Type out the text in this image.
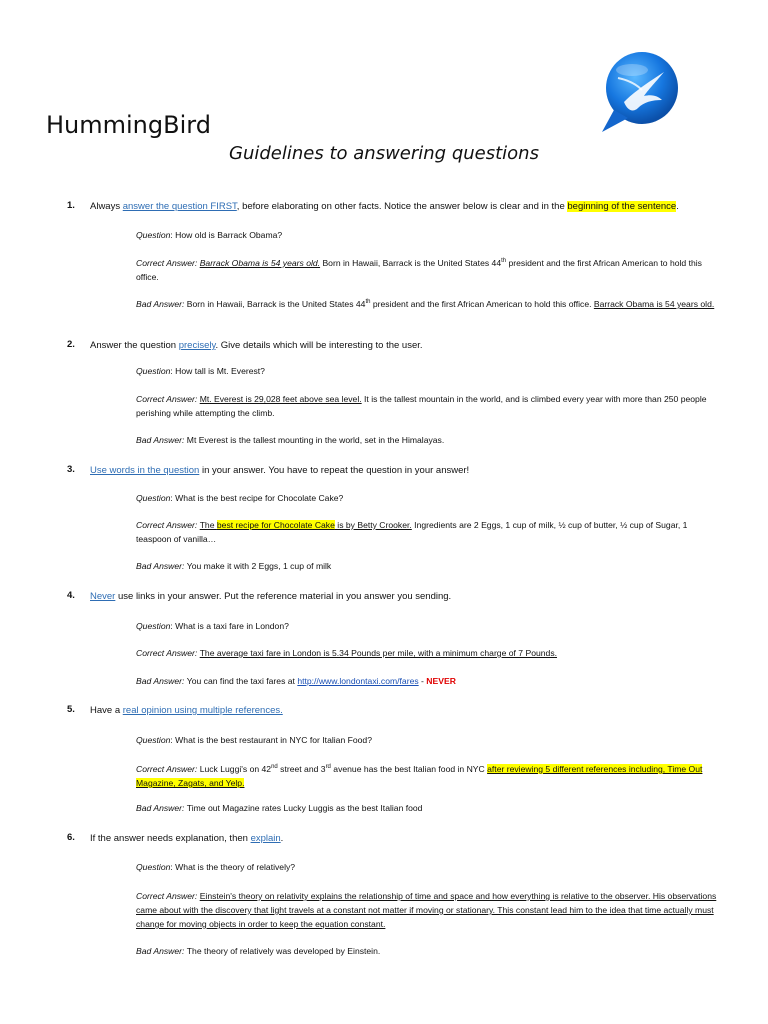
HummingBird
Guidelines to answering questions
1. Always answer the question FIRST, before elaborating on other facts. Notice the answer below is clear and in the beginning of the sentence.
Question: How old is Barrack Obama?
Correct Answer: Barrack Obama is 54 years old. Born in Hawaii, Barrack is the United States 44th president and the first African American to hold this office.
Bad Answer: Born in Hawaii, Barrack is the United States 44th president and the first African American to hold this office. Barrack Obama is 54 years old.
2. Answer the question precisely. Give details which will be interesting to the user.
Question: How tall is Mt. Everest?
Correct Answer: Mt. Everest is 29,028 feet above sea level. It is the tallest mountain in the world, and is climbed every year with more than 250 people perishing while attempting the climb.
Bad Answer: Mt Everest is the tallest mounting in the world, set in the Himalayas.
3. Use words in the question in your answer. You have to repeat the question in your answer!
Question: What is the best recipe for Chocolate Cake?
Correct Answer: The best recipe for Chocolate Cake is by Betty Crooker. Ingredients are 2 Eggs, 1 cup of milk, ½ cup of butter, ½ cup of Sugar, 1 teaspoon of vanilla…
Bad Answer: You make it with 2 Eggs, 1 cup of milk
4. Never use links in your answer. Put the reference material in you answer you sending.
Question: What is a taxi fare in London?
Correct Answer: The average taxi fare in London is 5.34 Pounds per mile, with a minimum charge of 7 Pounds.
Bad Answer: You can find the taxi fares at http://www.londontaxi.com/fares - NEVER
5. Have a real opinion using multiple references.
Question: What is the best restaurant in NYC for Italian Food?
Correct Answer: Luck Luggi's on 42nd street and 3rd avenue has the best Italian food in NYC after reviewing 5 different references including, Time Out Magazine, Zagats, and Yelp.
Bad Answer: Time out Magazine rates Lucky Luggis as the best Italian food
6. If the answer needs explanation, then explain.
Question: What is the theory of relatively?
Correct Answer: Einstein's theory on relativity explains the relationship of time and space and how everything is relative to the observer. His observations came about with the discovery that light travels at a constant not matter if moving or stationary. This constant lead him to the idea that time actually must change for moving objects in order to keep the equation constant.
Bad Answer: The theory of relatively was developed by Einstein.
